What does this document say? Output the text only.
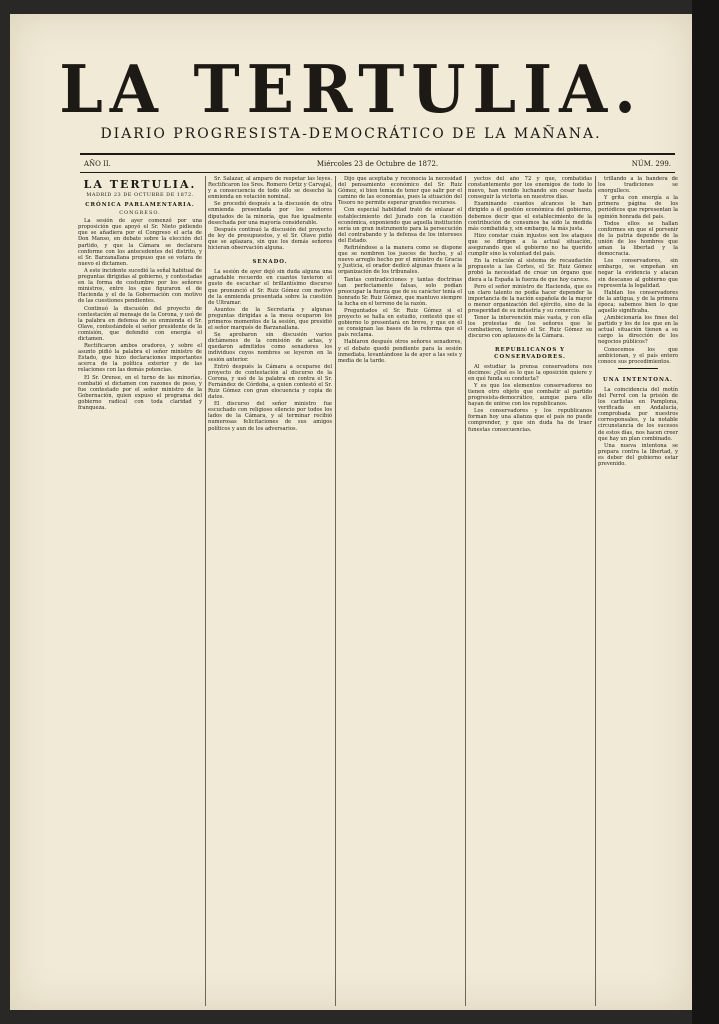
LA TERTULIA.
DIARIO PROGRESISTA-DEMOCRÁTICO DE LA MAÑANA.
AÑO II.	Miércoles 23 de Octubre de 1872.	NÚM. 299.
LA TERTULIA.
MADRID 23 DE OCTUBRE DE 1872.
CRÓNICA PARLAMENTARIA.
CONGRESO.

La sesión de ayer comenzó por una proposición que apoyó el Sr. Nieto pidiendo que se añadiera por el Congreso el acta de Don Manso, en debate sobre la elección del partido, y que la Cámara se declarara conforme con los antecedentes del distrito, y el Sr. Barzanallana propuso que se votara de nuevo el dictamen.

A este incidente sucedió la señal habitual de preguntas dirigidas al gobierno, y contestadas en la forma de costumbre por los señores ministros, entre los que figuraron el de Hacienda y el de la Gobernación con motivo de las cuestiones pendientes.

Continuó la discusión del proyecto de contestación al mensaje de la Corona, y usó de la palabra en defensa de su enmienda el Sr. Olave, contestándole el señor presidente de la comisión, que defendió con energía el dictamen.

Rectificaron ambos oradores, y sobre el asunto pidió la palabra el señor ministro de Estado, que hizo declaraciones importantes acerca de la política exterior y de las relaciones con las demás potencias.

El Sr. Orense, en el turno de las minorías, combatió el dictamen con razones de peso, y fue contestado por el señor ministro de la Gobernación, quien expuso el programa del gobierno radical con toda claridad y franqueza.

Sr. Salazar, al amparo de respetar las leyes. Rectificaron los Sres. Romero Ortiz y Carvajal, y a consecuencia de todo ello se desechó la enmienda en votación nominal.

Se procedió después a la discusión de otra enmienda presentada por los señores diputados de la minoría, que fue igualmente desechada por una mayoría considerable.

Después continuó la discusión del proyecto de ley de presupuestos, y el Sr. Olave pidió que se aplazara, sin que los demás señores hicieran observación alguna.

SENADO.

La sesión de ayer dejó sin duda alguna una agradable recuerdo en cuantos tuvieron el gusto de escuchar el brillantísimo discurso que pronunció el Sr. Ruiz Gómez con motivo de la enmienda presentada sobre la cuestión de Ultramar.

Asuntos de la Secretaría y algunas preguntas dirigidas a la mesa ocuparon los primeros momentos de la sesión, que presidió el señor marqués de Barzanallana.

Se aprobaron sin discusión varios dictámenes de la comisión de actas, y quedaron admitidos como senadores los individuos cuyos nombres se leyeron en la sesión anterior.

Entró después la Cámara a ocuparse del proyecto de contestación al discurso de la Corona, y usó de la palabra en contra el Sr. Fernández de Córdoba, a quien contestó el Sr. Ruiz Gómez con gran elocuencia y copia de datos.

El discurso del señor ministro fue escuchado con religioso silencio por todos los lados de la Cámara, y al terminar recibió numerosas felicitaciones de sus amigos políticos y aun de los adversarios.

Dijo que aceptaba y reconocía la necesidad del pensamiento económico del Sr. Ruiz Gómez, si bien temía de tener que salir por el camino de las economías, pues la situación del Tesoro no permite esperar grandes recursos.

Con especial habilidad trató de enlazar el establecimiento del Jurado con la cuestión económica, exponiendo que aquella institución sería un gran instrumento para la persecución del contrabando y la defensa de los intereses del Estado.

Refiriéndose a la manera como se dispone que se nombren los jueces de hecho, y al nuevo arreglo hecho por el ministro de Gracia y Justicia, el orador dedicó algunas frases a la organización de los tribunales.

Tantas contradicciones y tantas doctrinas tan perfectamente falsas, solo podían preocupar la fuerza que de su carácter tenía el honrado Sr. Ruiz Gómez, que mantuvo siempre la lucha en el terreno de la razón.

Preguntados el Sr. Ruiz Gómez si el proyecto se halla en estudio, contestó que el gobierno lo presentará en breve, y que en él se consignan las bases de la reforma que el país reclama.

Hablaron después otros señores senadores, y el debate quedó pendiente para la sesión inmediata, levantándose la de ayer a las seis y media de la tarde.

yectos del año 72 y que, combatidas constantemente por los enemigos de todo lo nuevo, han venido luchando sin cesar hasta conseguir la victoria en nuestros días.

Examinando cuantos alcances le han dirigido a él gestión económica del gobierno, debemos decir que el establecimiento de la contribución de consumos ha sido la medida más combatida y, sin embargo, la más justa.

Hizo constar cuán injustos son los ataques que se dirigen a la actual situación, asegurando que el gobierno no ha querido cumplir sino la voluntad del país.

En la relación al sistema de recaudación propuesto a las Cortes, el Sr. Ruiz Gómez probó la necesidad de crear un órgano que diera a la España la fuerza de que hoy carece.

Pero el señor ministro de Hacienda, que es un claro talento no podía hacer depender la importancia de la nación española de la mayor o menor organización del ejército, sino de la prosperidad de su industria y su comercio.

Tener la intervención más vasta, y con ella los protestas de los señores que le combatieron, terminó el Sr. Ruiz Gómez su discurso con aplausos de la Cámara.

REPUBLICANOS Y CONSERVADORES.

Al estudiar la prensa conservadora nos decimos: ¿Qué es lo que la oposición quiere y en qué funda su conducta?

Y es que los elementos conservadores no tienen otro objeto que combatir al partido progresista-democrático, aunque para ello hayan de unirse con los republicanos.

Los conservadores y los republicanos forman hoy una alianza que el país no puede comprender, y que sin duda ha de traer funestas consecuencias.

trillando a la bandera de los tradiciones se enorgullece.

Y grita con energía a la primera página de los periódicos que representan la opinión honrada del país.

Todos ellos se hallan conformes en que el porvenir de la patria depende de la unión de los hombres que aman la libertad y la democracia.

Los conservadores, sin embargo, se empeñan en negar la evidencia y atacan sin descanso al gobierno que representa la legalidad.

Hablan los conservadores de la antigua, y de la primera época; sabemos bien lo que aquello significaba.

¿Ambicionaría los fines del partido y los de los que en la actual situación tienen a su cargo la dirección de los negocios públicos?

Conocemos los que ambicionan, y el país entero conoce sus procedimientos.

UNA INTENTONA.

La coincidencia del motín del Ferrol con la prisión de los carlistas en Pamplona, verificada en Andalucía, comprobada por nuestros corresponsales, y la notable circunstancia de los sucesos de estos días, nos hacen creer que hay un plan combinado.

Una nueva intentona se prepara contra la libertad, y es deber del gobierno estar prevenido.
